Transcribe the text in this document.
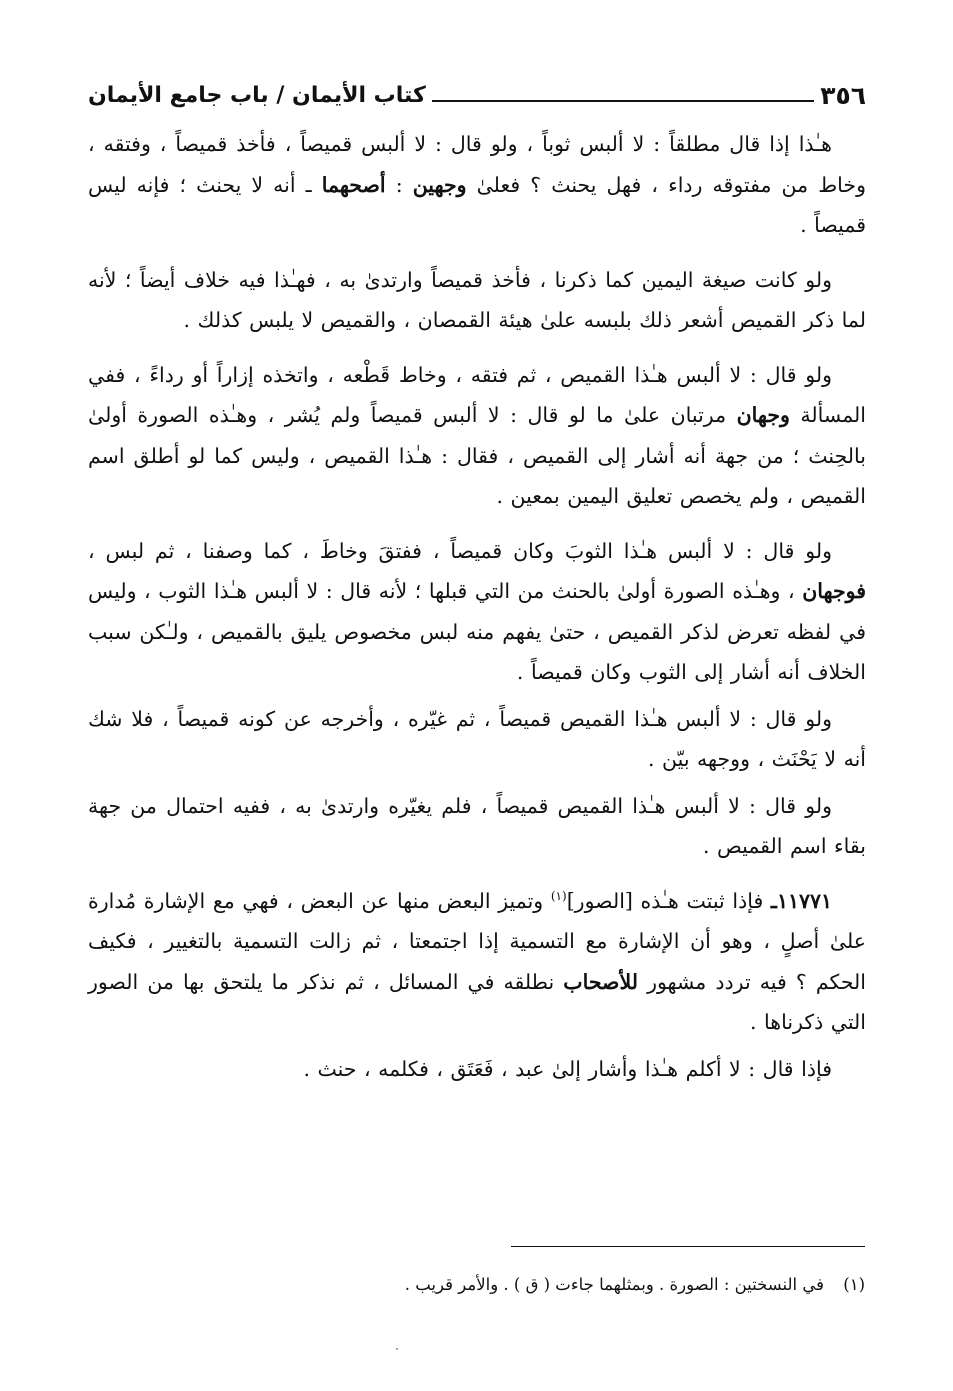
٣٥٦
كتاب الأيمان / باب جامع الأيمان

هـٰذا إذا قال مطلقاً : لا ألبس ثوباً ، ولو قال : لا ألبس قميصاً ، فأخذ قميصاً ، وفتقه ، وخاط من مفتوقه رداء ، فهل يحنث ؟ فعلىٰ وجهين : أصحهما ـ أنه لا يحنث ؛ فإنه ليس قميصاً .

ولو كانت صيغة اليمين كما ذكرنا ، فأخذ قميصاً وارتدىٰ به ، فهـٰذا فيه خلاف أيضاً ؛ لأنه لما ذكر القميص أشعر ذلك بلبسه علىٰ هيئة القمصان ، والقميص لا يلبس كذلك .

ولو قال : لا ألبس هـٰذا القميص ، ثم فتقه ، وخاط قَطْعه ، واتخذه إزاراً أو رداءً ، ففي المسألة وجهان مرتبان علىٰ ما لو قال : لا ألبس قميصاً ولم يُشر ، وهـٰذه الصورة أولىٰ بالحِنث ؛ من جهة أنه أشار إلى القميص ، فقال : هـٰذا القميص ، وليس كما لو أطلق اسم القميص ، ولم يخصص تعليق اليمين بمعين .

ولو قال : لا ألبس هـٰذا الثوبَ وكان قميصاً ، ففتقَ وخاطَ ، كما وصفنا ، ثم لبس ، فوجهان ، وهـٰذه الصورة أولىٰ بالحنث من التي قبلها ؛ لأنه قال : لا ألبس هـٰذا الثوب ، وليس في لفظه تعرض لذكر القميص ، حتىٰ يفهم منه لبس مخصوص يليق بالقميص ، ولـٰكن سبب الخلاف أنه أشار إلى الثوب وكان قميصاً .

ولو قال : لا ألبس هـٰذا القميص قميصاً ، ثم غيّره ، وأخرجه عن كونه قميصاً ، فلا شك أنه لا يَحْنَث ، ووجهه بيّن .

ولو قال : لا ألبس هـٰذا القميص قميصاً ، فلم يغيّره وارتدىٰ به ، ففيه احتمال من جهة بقاء اسم القميص .

١١٧٧١ـ فإذا ثبتت هـٰذه [الصور]$^{(١)}$ وتميز البعض منها عن البعض ، فهي مع الإشارة مُدارة علىٰ أصلٍ ، وهو أن الإشارة مع التسمية إذا اجتمعتا ، ثم زالت التسمية بالتغيير ، فكيف الحكم ؟ فيه تردد مشهور للأصحاب نطلقه في المسائل ، ثم نذكر ما يلتحق بها من الصور التي ذكرناها .

فإذا قال : لا أكلم هـٰذا وأشار إلىٰ عبد ، فَعَتَق ، فكلمه ، حنث .

(١) في النسختين : الصورة . وبمثلهما جاءت ( ق ) . والأمر قريب .
